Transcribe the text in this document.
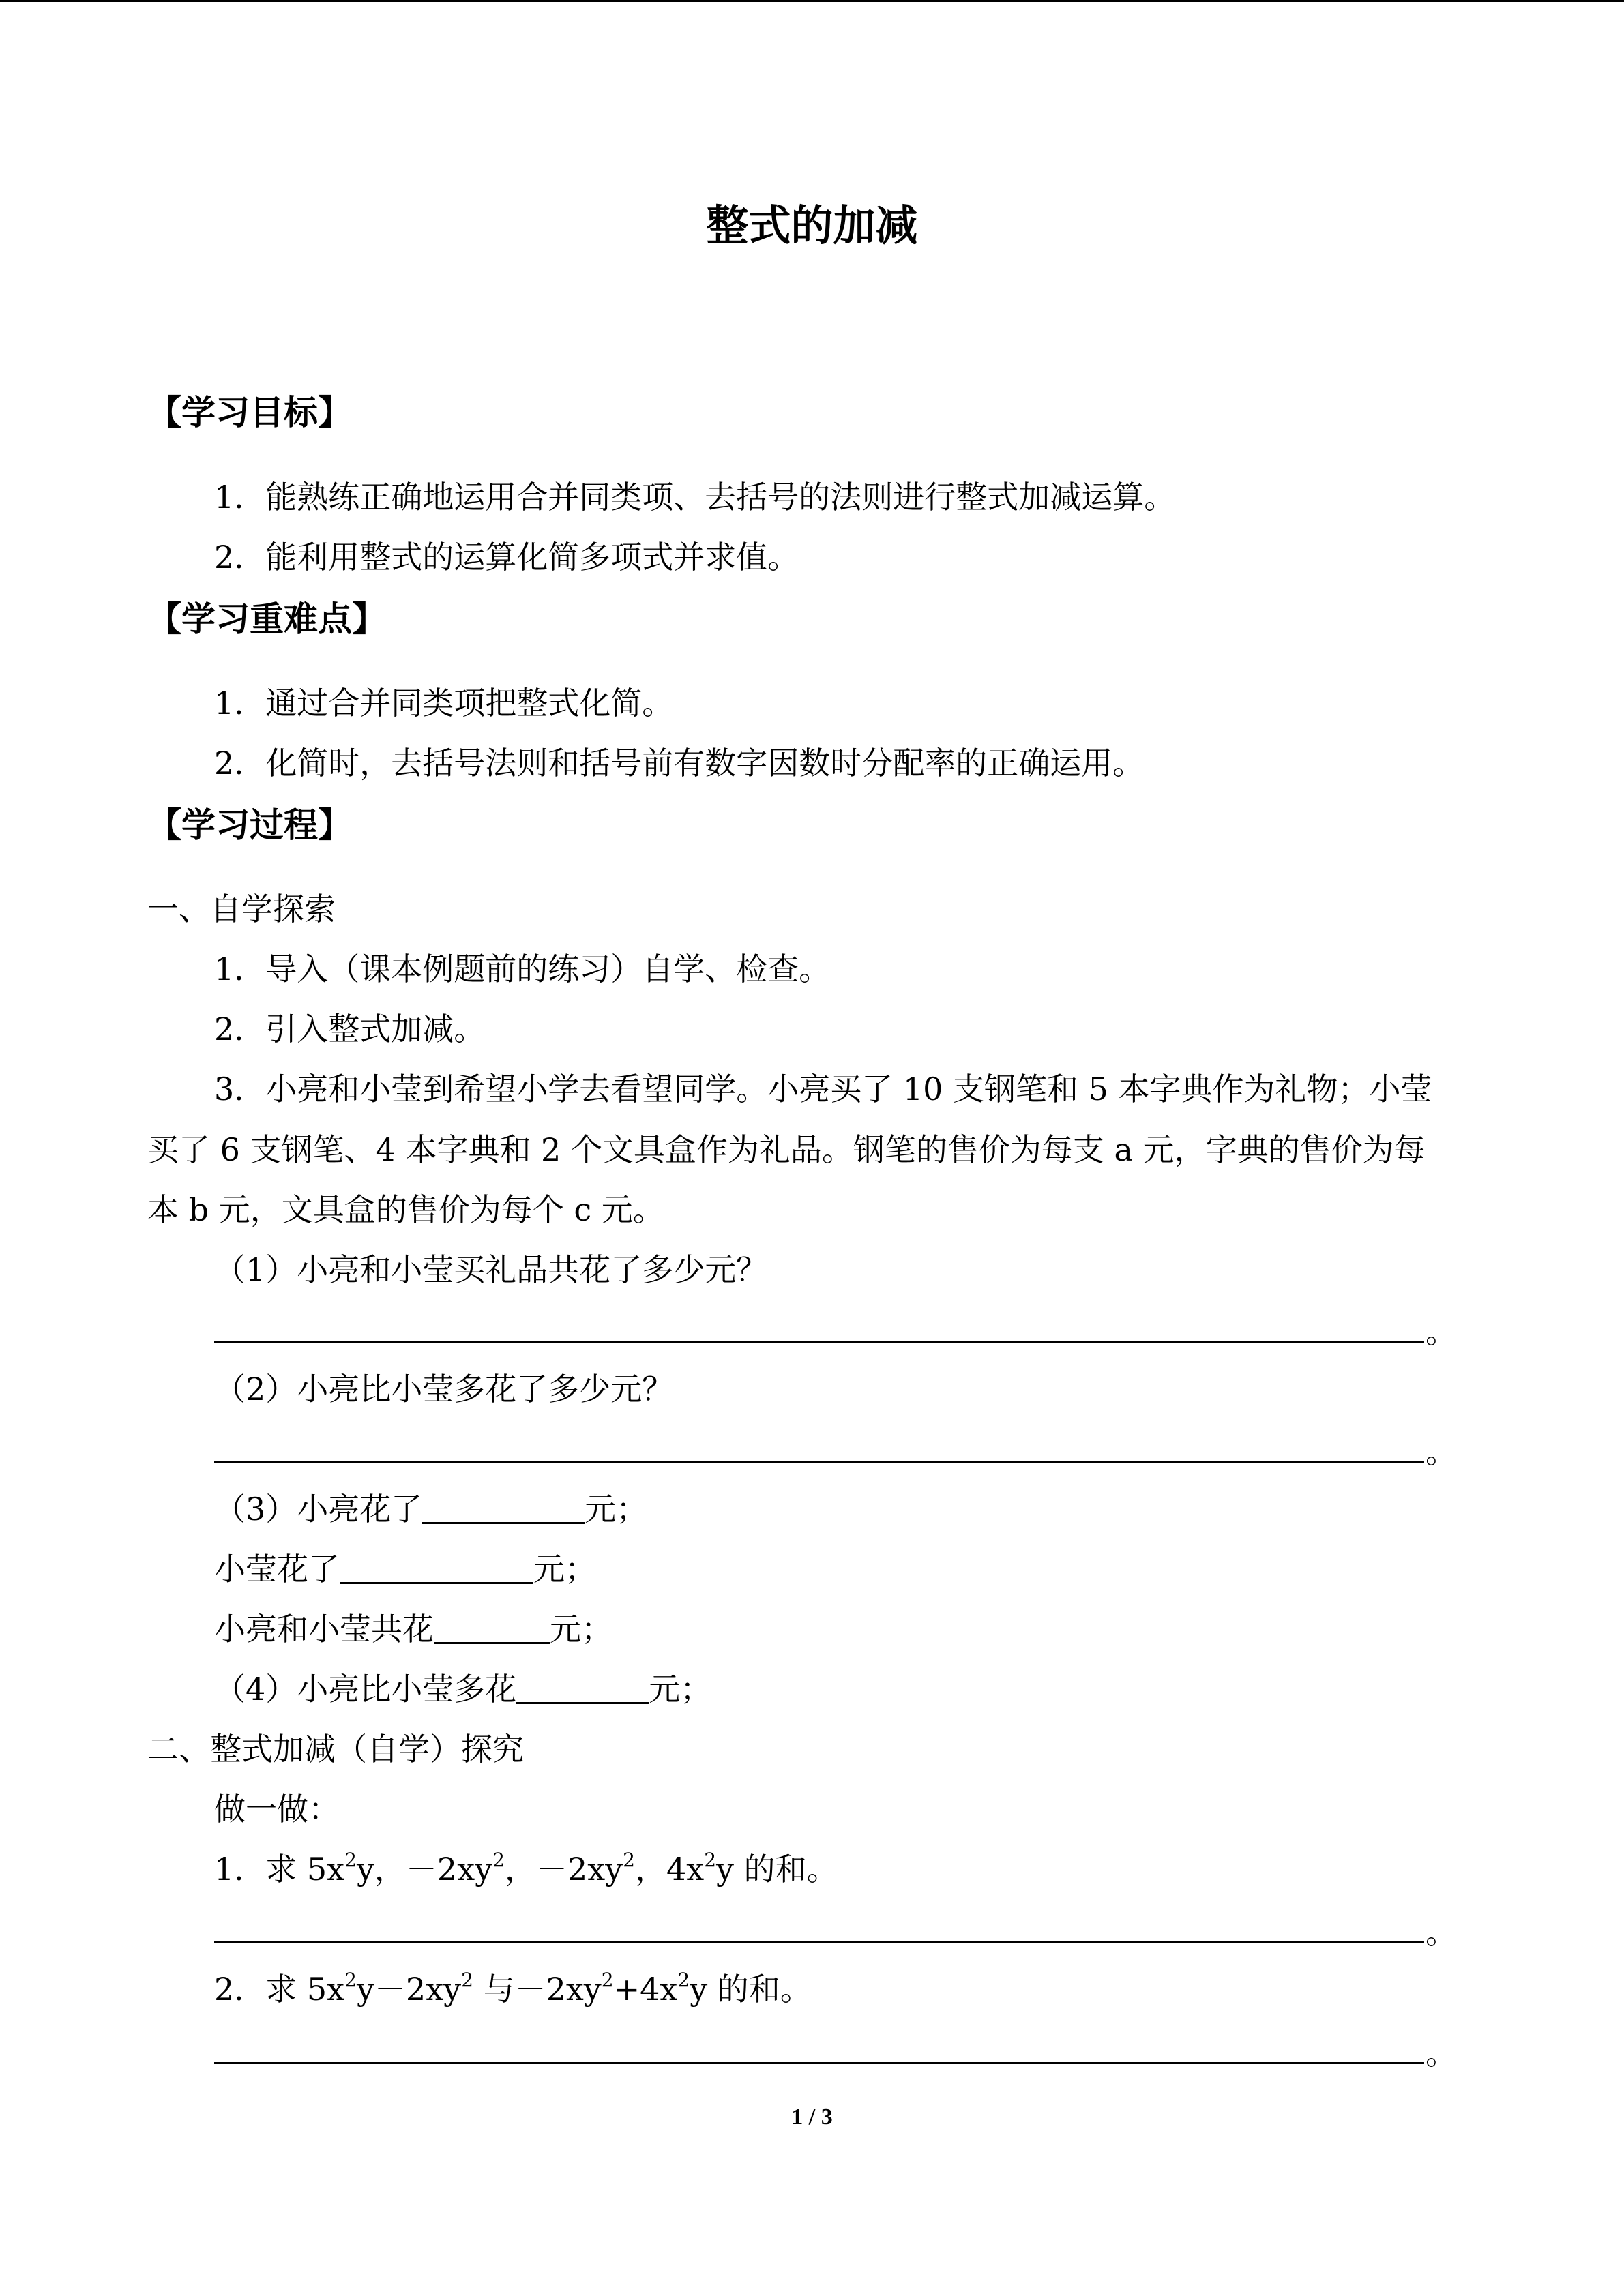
整式的加减
【学习目标】
1．能熟练正确地运用合并同类项、去括号的法则进行整式加减运算。
2．能利用整式的运算化简多项式并求值。
【学习重难点】
1．通过合并同类项把整式化简。
2．化简时，去括号法则和括号前有数字因数时分配率的正确运用。
【学习过程】
一、自学探索
1．导入（课本例题前的练习）自学、检查。
2．引入整式加减。
3．小亮和小莹到希望小学去看望同学。小亮买了 10 支钢笔和 5 本字典作为礼物；小莹
买了 6 支钢笔、4 本字典和 2 个文具盒作为礼品。钢笔的售价为每支 a 元，字典的售价为每
本 b 元，文具盒的售价为每个 c 元。
（1）小亮和小莹买礼品共花了多少元？
。
（2）小亮比小莹多花了多少元？
。
（3）小亮花了	元；
小莹花了	元；
小亮和小莹共花	元；
（4）小亮比小莹多花	元；
二、整式加减（自学）探究
做一做：
1．求 $5x^2y$，$-2xy^2$，$-2xy^2$，$4x^2y$ 的和。
。
2．求 $5x^2y-2xy^2$ 与$-2xy^2+4x^2y$ 的和。
。
1 / 3
